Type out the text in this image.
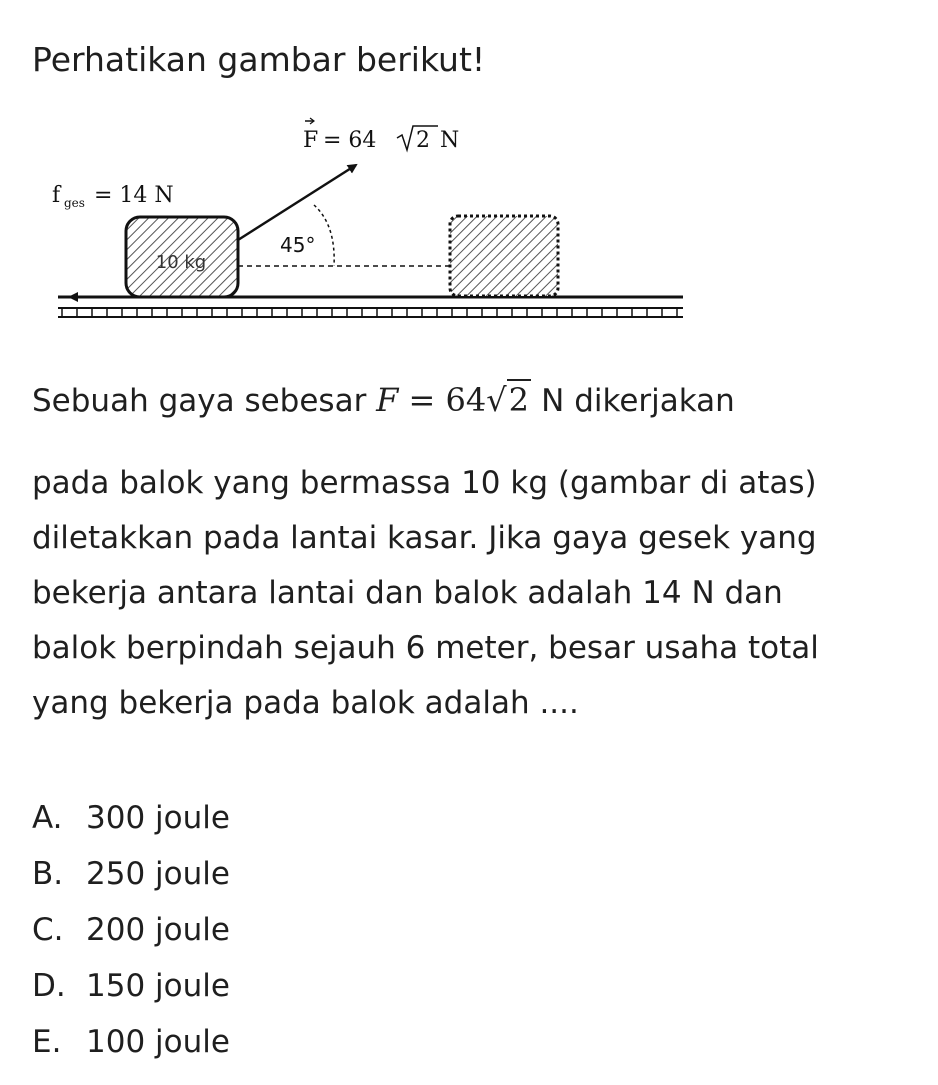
Perhatikan gambar berikut!
10 kg
45°
F = 64 2 N
f ges = 14 N
Sebuah gaya sebesar F = 64√2 N dikerjakan
pada balok yang bermassa 10 kg (gambar di atas)
diletakkan pada lantai kasar. Jika gaya gesek yang
bekerja antara lantai dan balok adalah 14 N dan
balok berpindah sejauh 6 meter, besar usaha total
yang bekerja pada balok adalah ....
A. 300 joule
B. 250 joule
C. 200 joule
D. 150 joule
E. 100 joule
